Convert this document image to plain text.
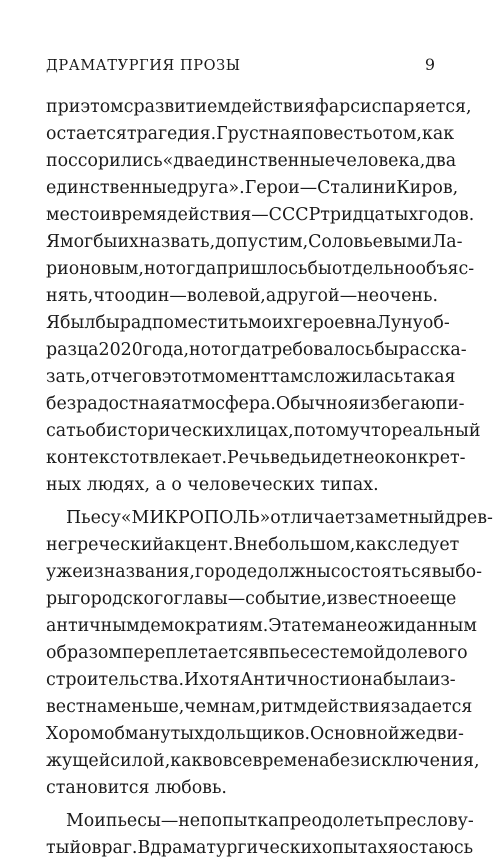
ДРАМАТУРГИЯ ПРОЗЫ	9
при этом с развитием действия фарс испаряется,
остается трагедия. Грустная повесть о том, как
поссорились «два единственные человека, два
единственные друга». Герои — Сталин и Киров,
место и время действия — СССР тридцатых годов.
Я мог бы их назвать, допустим, Соловьевым и Ла-
рионовым, но тогда пришлось бы отдельно объяс-
нять, что один — волевой, а другой — не очень.
Я был бы рад поместить моих героев на Луну об-
разца 2020 года, но тогда требовалось бы расска-
зать, отчего в этот момент там сложилась такая
безрадостная атмосфера. Обычно я избегаю пи-
сать об исторических лицах, потому что реальный
контекст отвлекает. Речь ведь идет не о конкрет-
ных людях, а о человеческих типах.
Пьесу «МИКРОПОЛЬ» отличает заметный древ-
негреческий акцент. В небольшом, как следует
уже из названия, городе должны состояться выбо-
ры городского главы — событие, известное еще
античным демократиям. Эта тема неожиданным
образом переплетается в пьесе с темой долевого
строительства. И хотя Античности она была из-
вестна меньше, чем нам, ритм действия задается
Хором обманутых дольщиков. Основной же дви-
жущей силой, как во все времена без исключения,
становится любовь.
Мои пьесы — не попытка преодолеть преслову-
тый овраг. В драматургических опытах я остаюсь
